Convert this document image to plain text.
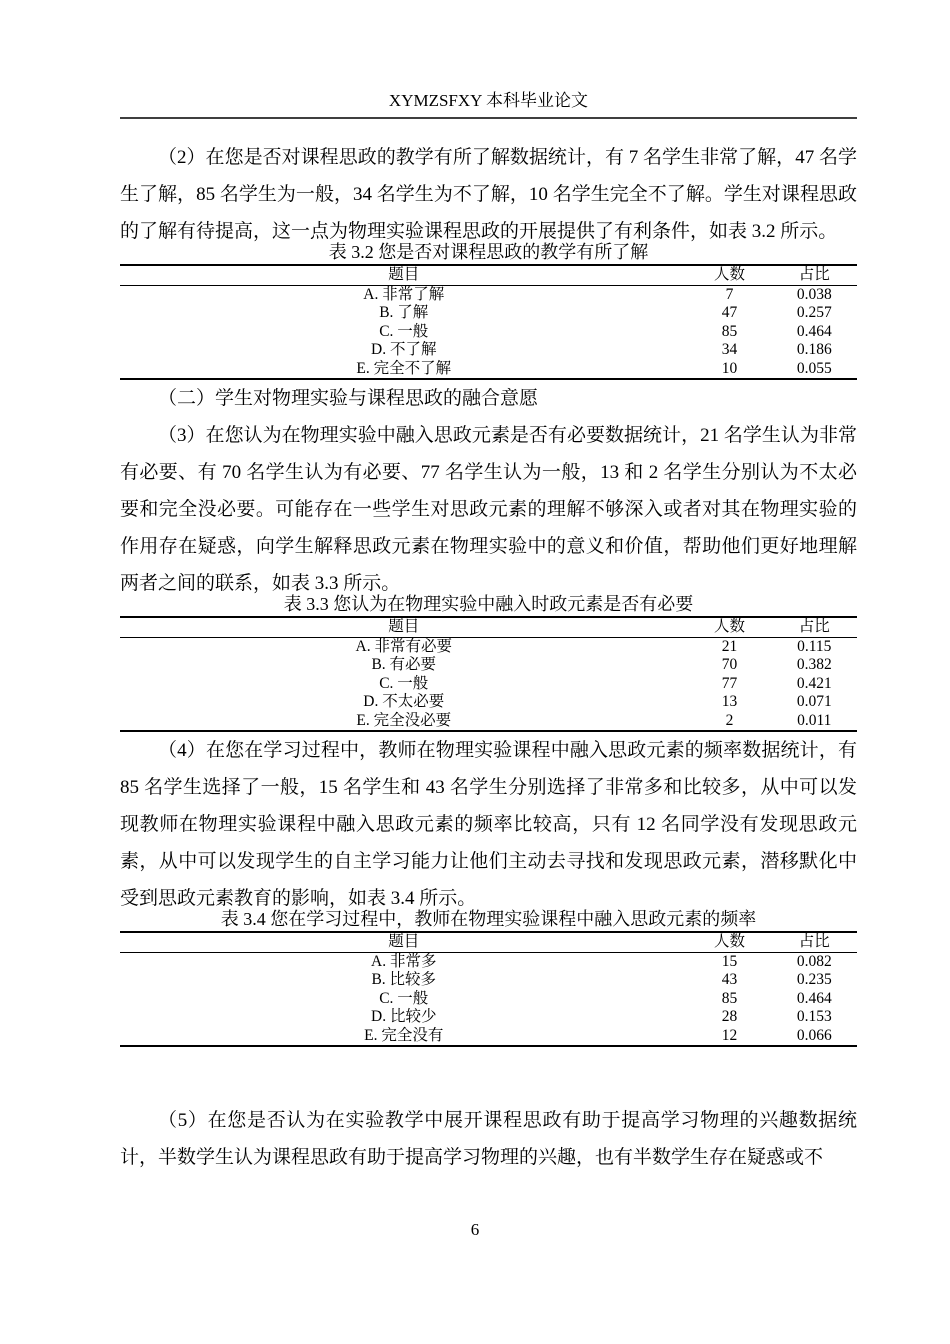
XYMZSFXY 本科毕业论文

（2）在您是否对课程思政的教学有所了解数据统计，有 7 名学生非常了解，47 名学生了解，85 名学生为一般，34 名学生为不了解，10 名学生完全不了解。学生对课程思政的了解有待提高，这一点为物理实验课程思政的开展提供了有利条件，如表 3.2 所示。

表 3.2 您是否对课程思政的教学有所了解

题目	人数	占比
A. 非常了解	7	0.038
B. 了解	47	0.257
C. 一般	85	0.464
D. 不了解	34	0.186
E. 完全不了解	10	0.055

（二）学生对物理实验与课程思政的融合意愿

（3）在您认为在物理实验中融入思政元素是否有必要数据统计，21 名学生认为非常有必要、有 70 名学生认为有必要、77 名学生认为一般，13 和 2 名学生分别认为不太必要和完全没必要。可能存在一些学生对思政元素的理解不够深入或者对其在物理实验的作用存在疑惑，向学生解释思政元素在物理实验中的意义和价值，帮助他们更好地理解两者之间的联系，如表 3.3 所示。

表 3.3 您认为在物理实验中融入时政元素是否有必要

题目	人数	占比
A. 非常有必要	21	0.115
B. 有必要	70	0.382
C. 一般	77	0.421
D. 不太必要	13	0.071
E. 完全没必要	2	0.011

（4）在您在学习过程中，教师在物理实验课程中融入思政元素的频率数据统计，有 85 名学生选择了一般，15 名学生和 43 名学生分别选择了非常多和比较多，从中可以发现教师在物理实验课程中融入思政元素的频率比较高，只有 12 名同学没有发现思政元素，从中可以发现学生的自主学习能力让他们主动去寻找和发现思政元素，潜移默化中受到思政元素教育的影响，如表 3.4 所示。

表 3.4 您在学习过程中，教师在物理实验课程中融入思政元素的频率

题目	人数	占比
A. 非常多	15	0.082
B. 比较多	43	0.235
C. 一般	85	0.464
D. 比较少	28	0.153
E. 完全没有	12	0.066

（5）在您是否认为在实验教学中展开课程思政有助于提高学习物理的兴趣数据统计，半数学生认为课程思政有助于提高学习物理的兴趣，也有半数学生存在疑惑或不

6
